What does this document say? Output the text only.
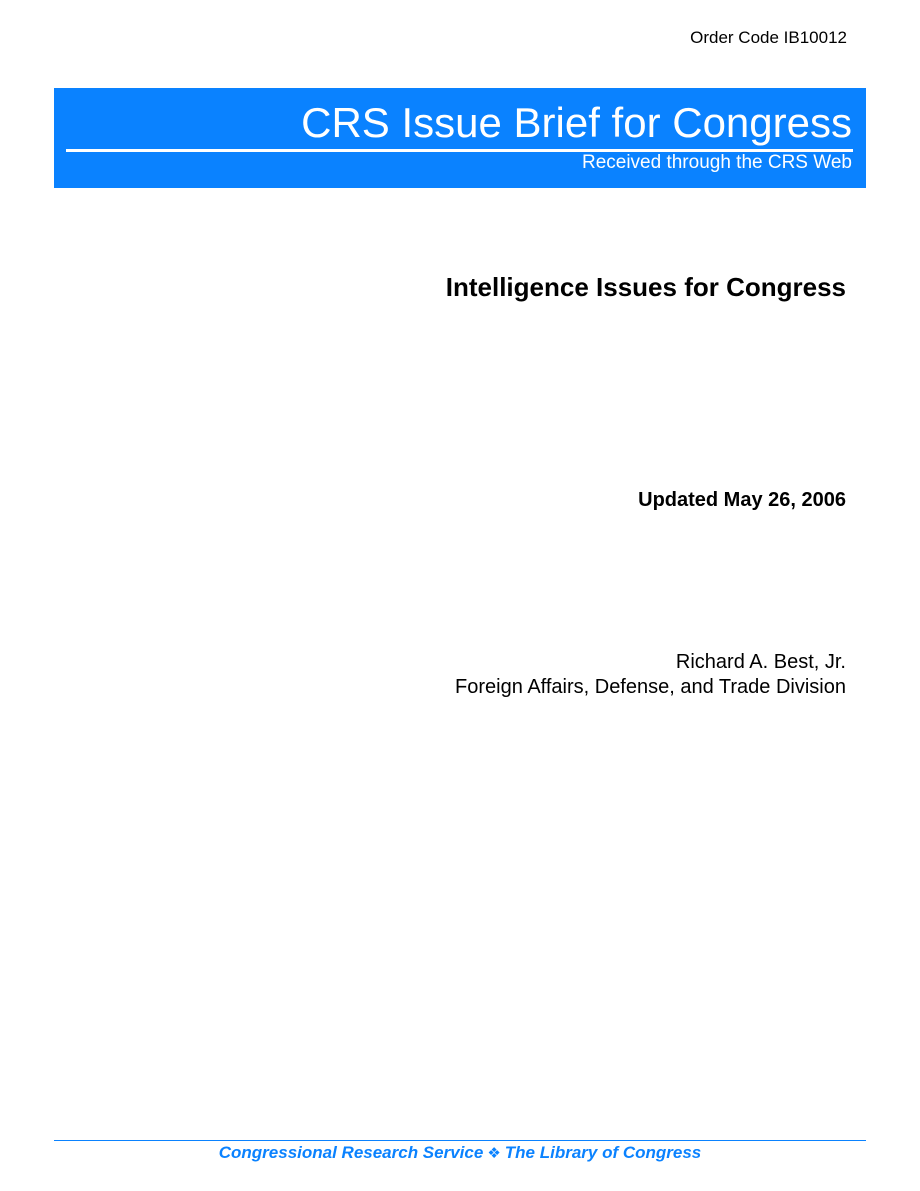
Order Code IB10012
CRS Issue Brief for Congress
Received through the CRS Web
Intelligence Issues for Congress
Updated May 26, 2006
Richard A. Best, Jr.
Foreign Affairs, Defense, and Trade Division
Congressional Research Service ❖ The Library of Congress
